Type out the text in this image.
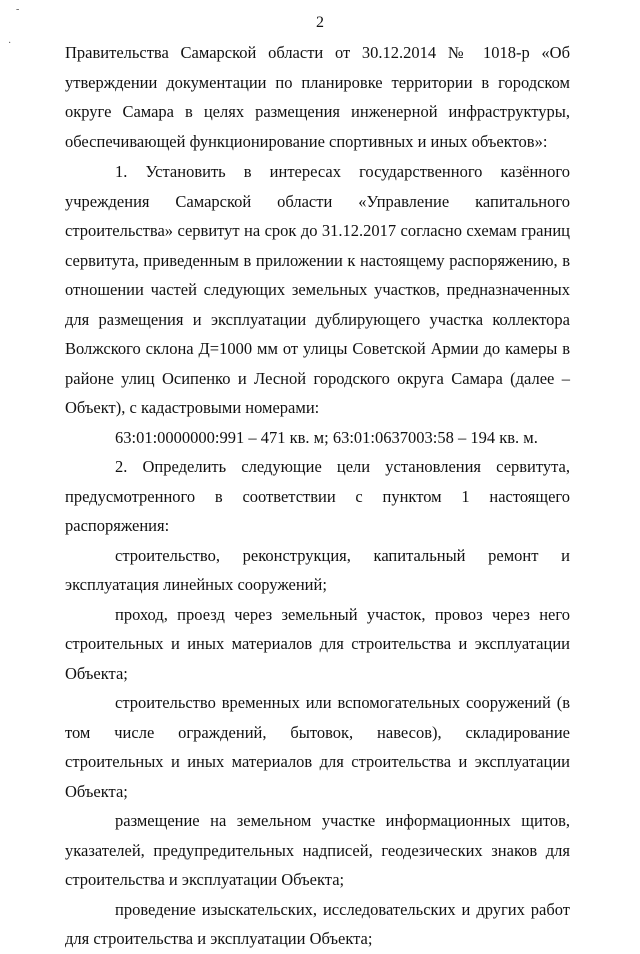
-
·
2

Правительства Самарской области от 30.12.2014 № 1018-р «Об утверждении документации по планировке территории в городском округе Самара в целях размещения инженерной инфраструктуры, обеспечивающей функционирование спортивных и иных объектов»:

1. Установить в интересах государственного казённого учреждения Самарской области «Управление капитального строительства» сервитут на срок до 31.12.2017 согласно схемам границ сервитута, приведенным в приложении к настоящему распоряжению, в отношении частей следующих земельных участков, предназначенных для размещения и эксплуатации дублирующего участка коллектора Волжского склона Д=1000 мм от улицы Советской Армии до камеры в районе улиц Осипенко и Лесной городского округа Самара (далее – Объект), с кадастровыми номерами:

63:01:0000000:991 – 471 кв. м; 63:01:0637003:58 – 194 кв. м.

2. Определить следующие цели установления сервитута, предусмотренного в соответствии с пунктом 1 настоящего распоряжения:

строительство, реконструкция, капитальный ремонт и эксплуатация линейных сооружений;

проход, проезд через земельный участок, провоз через него строительных и иных материалов для строительства и эксплуатации Объекта;

строительство временных или вспомогательных сооружений (в том числе ограждений, бытовок, навесов), складирование строительных и иных материалов для строительства и эксплуатации Объекта;

размещение на земельном участке информационных щитов, указателей, предупредительных надписей, геодезических знаков для строительства и эксплуатации Объекта;

проведение изыскательских, исследовательских и других работ для строительства и эксплуатации Объекта;
